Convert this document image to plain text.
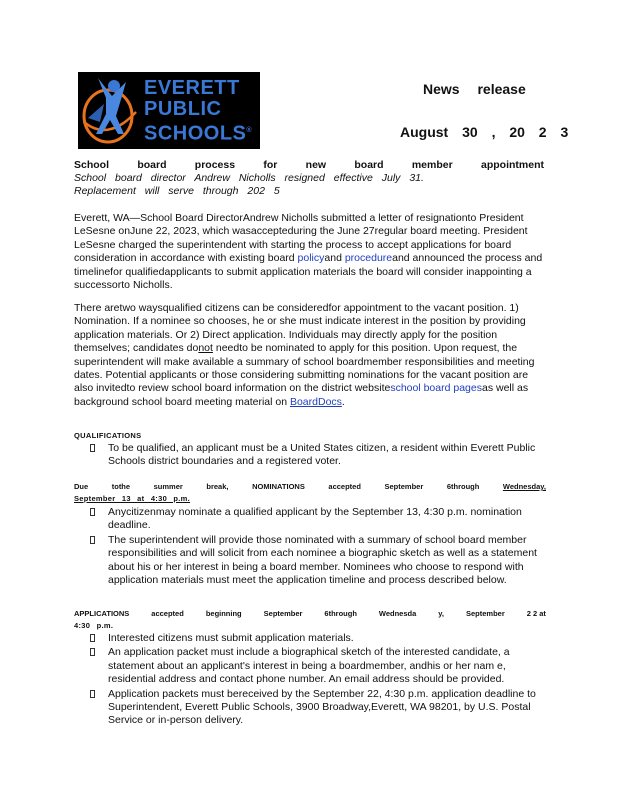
EVERETT
PUBLIC
SCHOOLS®
News release
August 30 , 20 2 3
School	board	process	for	new	board	member	appointment
School board director Andrew Nicholls resigned effective July 31. Replacement will serve through 202 5
Everett, WA—School Board DirectorAndrew Nicholls submitted a letter of resignationto President LeSesne onJune 22, 2023, which wasaccepteduring the June 27regular board meeting. President LeSesne charged the superintendent with starting the process to accept applications for board consideration in accordance with existing board policyand procedureand announced the process and timelinefor qualifiedapplicants to submit application materials the board will consider inappointing a successorto Nicholls.
There aretwo waysqualified citizens can be consideredfor appointment to the vacant position. 1) Nomination. If a nominee so chooses, he or she must indicate interest in the position by providing application materials. Or 2) Direct application. Individuals may directly apply for the position themselves; candidates donot needto be nominated to apply for this position. Upon request, the superintendent will make available a summary of school boardmember responsibilities and meeting dates. Potential applicants or those considering submitting nominations for the vacant position are also invitedto review school board information on the district websiteschool board pagesas well as background school board meeting material on BoardDocs.
QUALIFICATIONS
To be qualified, an applicant must be a United States citizen, a resident within Everett Public Schools district boundaries and a registered voter.
Due	tothe	summer	break,	NOMINATIONS	accepted	September	6through	Wednesday,
September 13 at 4:30 p.m.
Anycitizenmay nominate a qualified applicant by the September 13, 4:30 p.m. nomination deadline.
The superintendent will provide those nominated with a summary of school board member responsibilities and will solicit from each nominee a biographic sketch as well as a statement about his or her interest in being a board member. Nominees who choose to respond with application materials must meet the application timeline and process described below.
APPLICATIONS	accepted	beginning	September	6through	Wednesda	y,	September	2 2 at
4:30 p.m.
Interested citizens must submit application materials.
An application packet must include a biographical sketch of the interested candidate, a statement about an applicant's interest in being a boardmember, andhis or her nam e, residential address and contact phone number. An email address should be provided.
Application packets must bereceived by the September 22, 4:30 p.m. application deadline to Superintendent, Everett Public Schools, 3900 Broadway,Everett, WA 98201, by U.S. Postal Service or in-person delivery.
